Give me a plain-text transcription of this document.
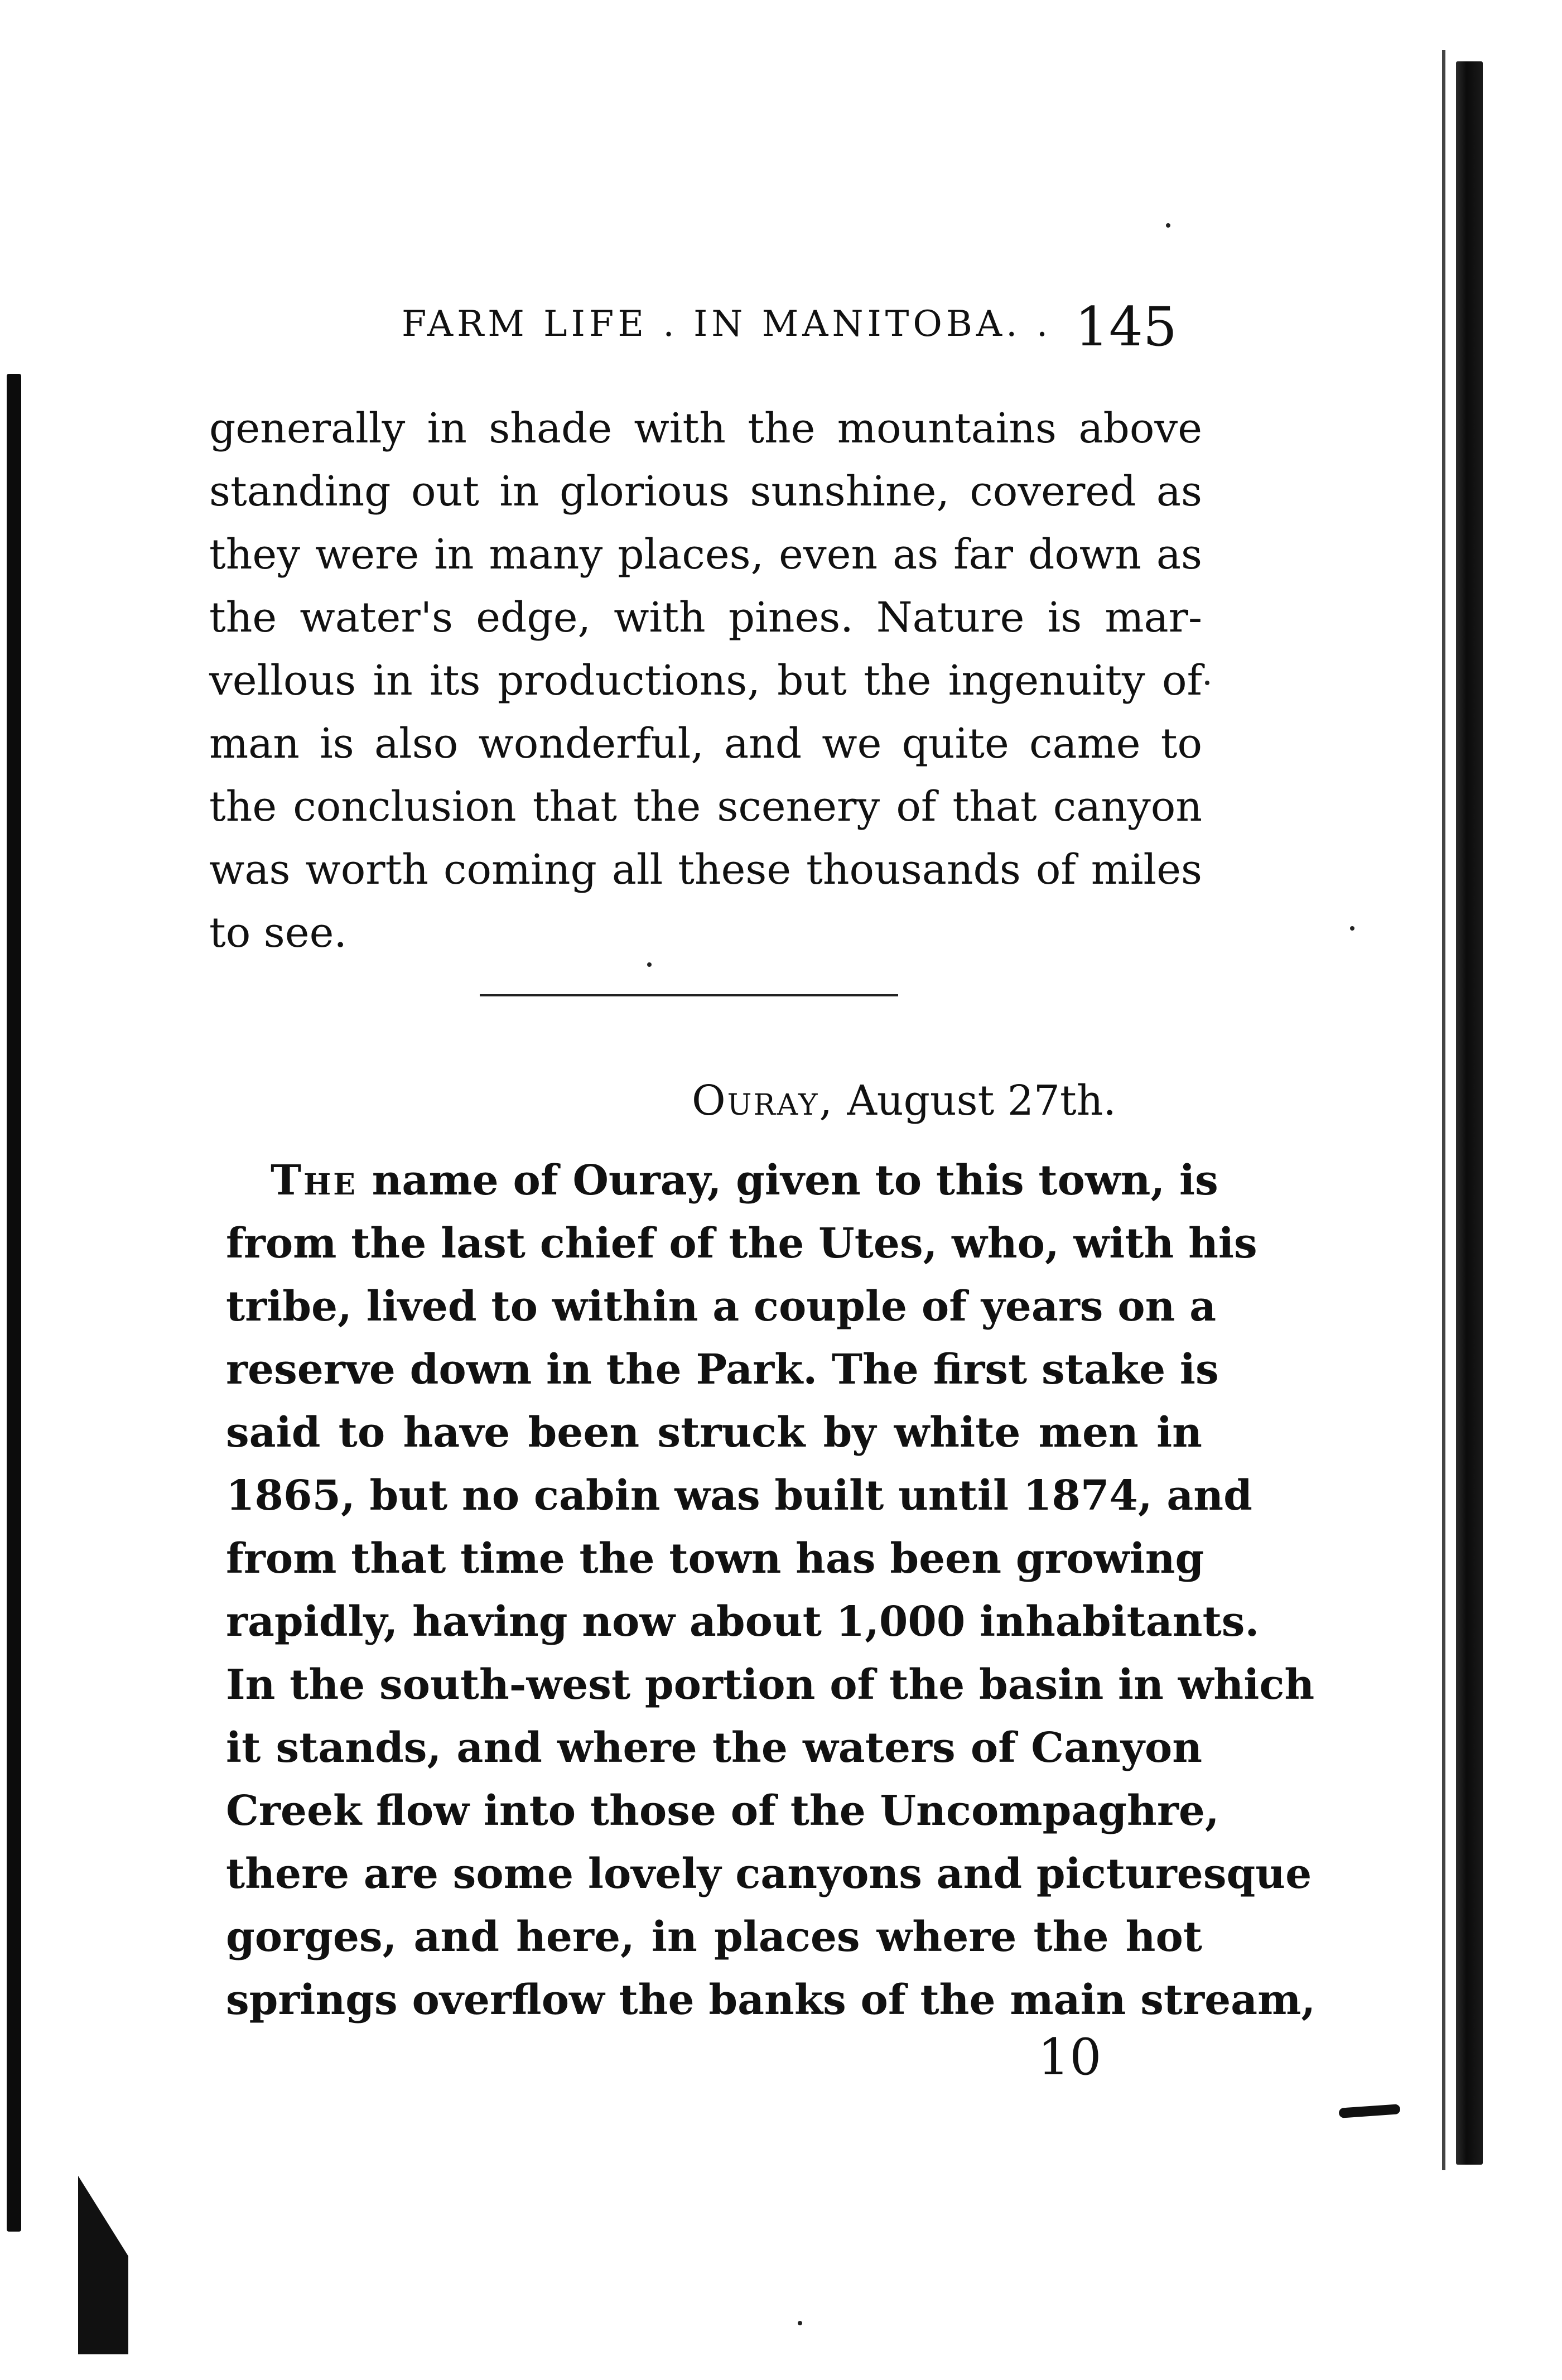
FARM LIFE . IN MANITOBA. . 145
generally in shade with the mountains above
standing out in glorious sunshine, covered as
they were in many places, even as far down as
the water's edge, with pines. Nature is mar-
vellous in its productions, but the ingenuity of
man is also wonderful, and we quite came to
the conclusion that the scenery of that canyon
was worth coming all these thousands of miles
to see.
Ouray, August 27th.
The name of Ouray, given to this town, is
from the last chief of the Utes, who, with his
tribe, lived to within a couple of years on a
reserve down in the Park. The first stake is
said to have been struck by white men in
1865, but no cabin was built until 1874, and
from that time the town has been growing
rapidly, having now about 1,000 inhabitants.
In the south-west portion of the basin in which
it stands, and where the waters of Canyon
Creek flow into those of the Uncompaghre,
there are some lovely canyons and picturesque
gorges, and here, in places where the hot
springs overflow the banks of the main stream,
10
